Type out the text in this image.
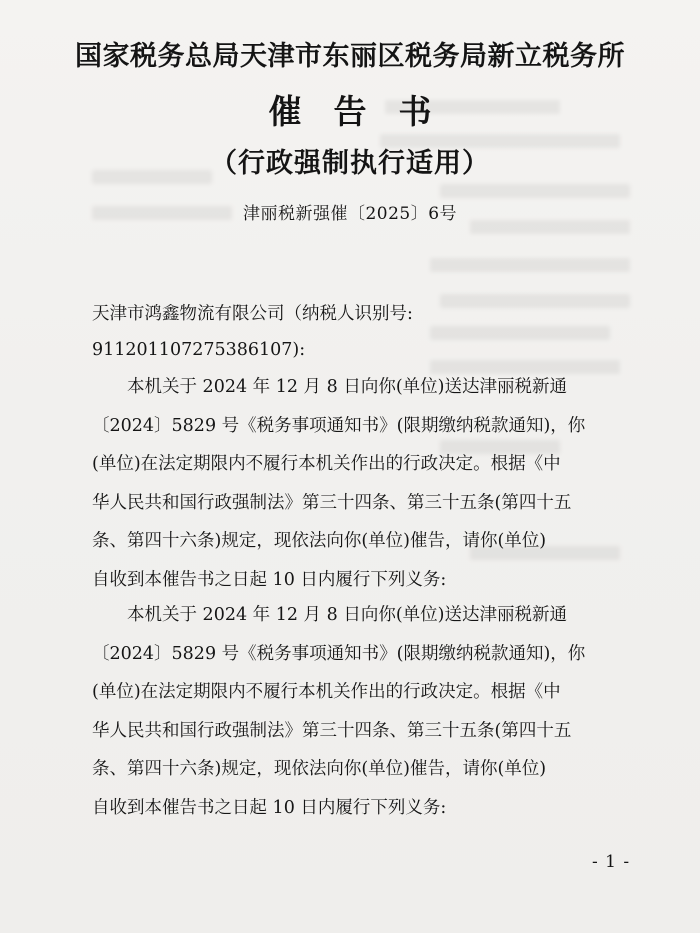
国家税务总局天津市东丽区税务局新立税务所
催告书
（行政强制执行适用）
津丽税新强催〔2025〕6号
天津市鸿鑫物流有限公司（纳税人识别号:
911201107275386107):
本机关于 2024 年 12 月 8 日向你(单位)送达津丽税新通
〔2024〕5829 号《税务事项通知书》(限期缴纳税款通知)，你
(单位)在法定期限内不履行本机关作出的行政决定。根据《中
华人民共和国行政强制法》第三十四条、第三十五条(第四十五
条、第四十六条)规定，现依法向你(单位)催告，请你(单位)
自收到本催告书之日起 10 日内履行下列义务:
本机关于 2024 年 12 月 8 日向你(单位)送达津丽税新通
〔2024〕5829 号《税务事项通知书》(限期缴纳税款通知)，你
(单位)在法定期限内不履行本机关作出的行政决定。根据《中
华人民共和国行政强制法》第三十四条、第三十五条(第四十五
条、第四十六条)规定，现依法向你(单位)催告，请你(单位)
自收到本催告书之日起 10 日内履行下列义务:
- 1 -
